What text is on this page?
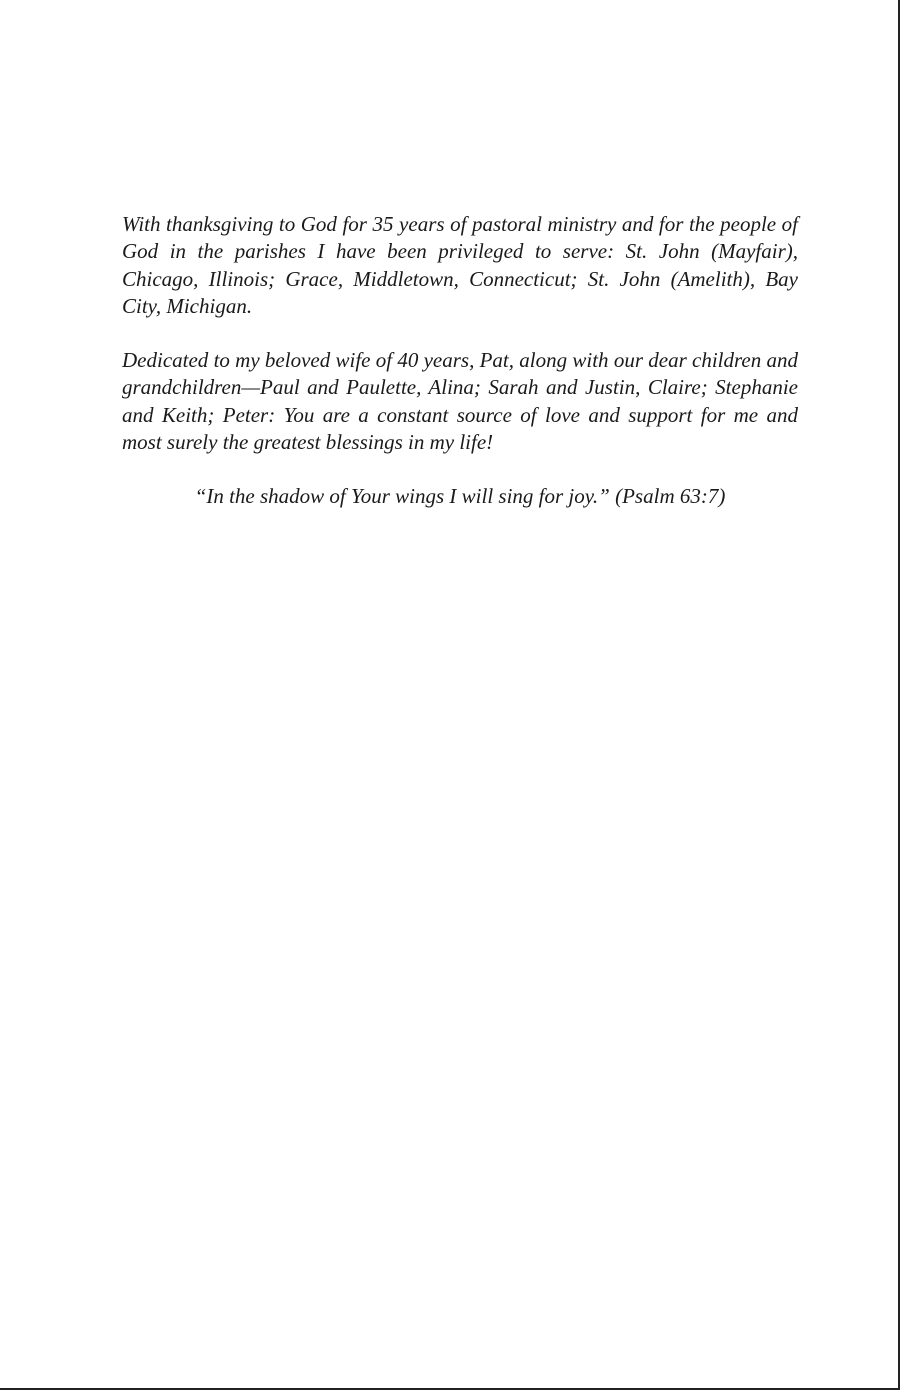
With thanksgiving to God for 35 years of pastoral ministry and for the people of God in the parishes I have been privileged to serve: St. John (Mayfair), Chicago, Illinois; Grace, Middletown, Connecticut; St. John (Amelith), Bay City, Michigan.

Dedicated to my beloved wife of 40 years, Pat, along with our dear children and grandchildren—Paul and Paulette, Alina; Sarah and Justin, Claire; Stephanie and Keith; Peter: You are a constant source of love and support for me and most surely the greatest blessings in my life!

“In the shadow of Your wings I will sing for joy.” (Psalm 63:7)
